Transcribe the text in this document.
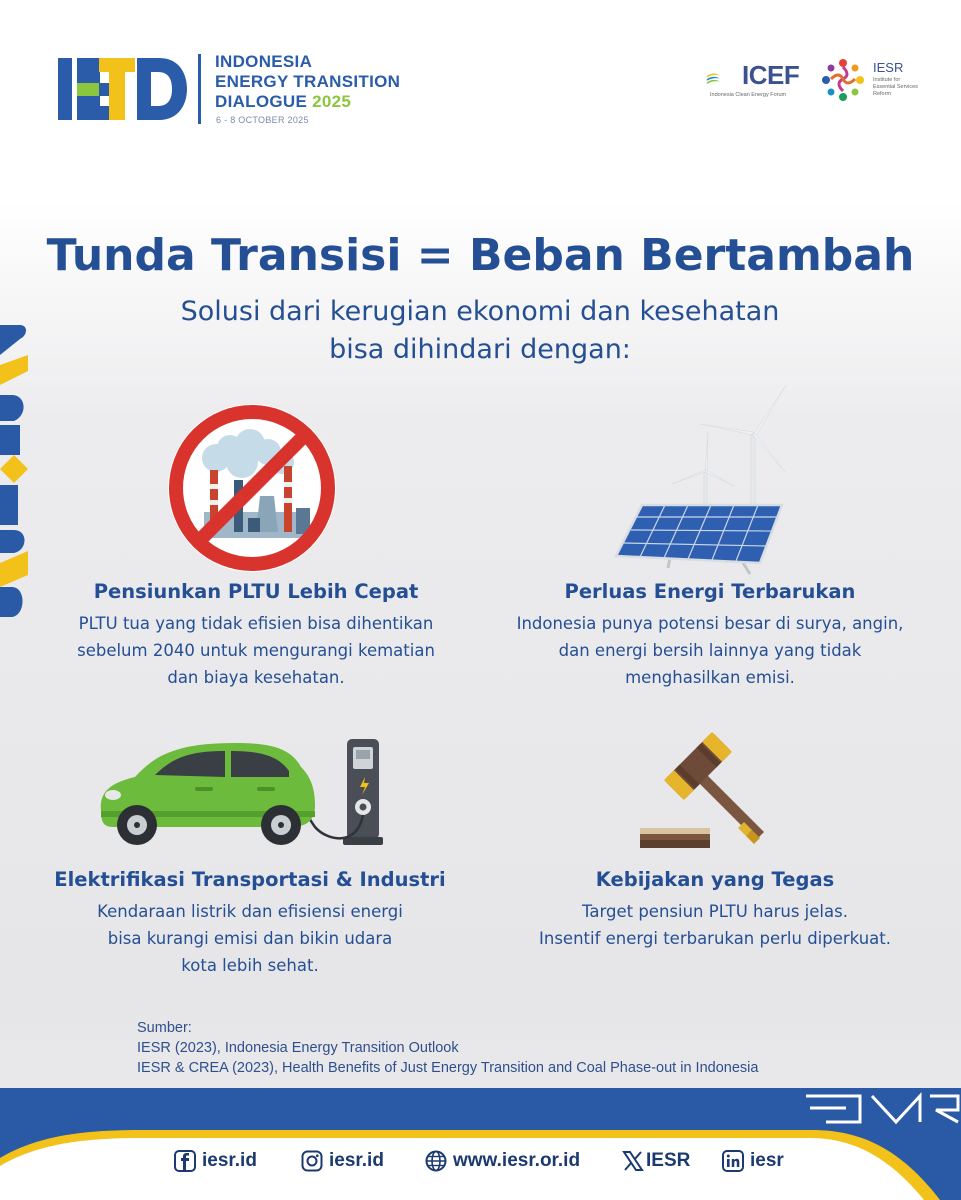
INDONESIA
ENERGY TRANSITION
DIALOGUE 2025
6 - 8 OCTOBER 2025
ICEF
Indonesia Clean Energy Forum
IESR
Institute for Essential Services Reform
Tunda Transisi = Beban Bertambah
Solusi dari kerugian ekonomi dan kesehatan
bisa dihindari dengan:
Pensiunkan PLTU Lebih Cepat
PLTU tua yang tidak efisien bisa dihentikan
sebelum 2040 untuk mengurangi kematian
dan biaya kesehatan.
Perluas Energi Terbarukan
Indonesia punya potensi besar di surya, angin,
dan energi bersih lainnya yang tidak
menghasilkan emisi.
Elektrifikasi Transportasi & Industri
Kendaraan listrik dan efisiensi energi
bisa kurangi emisi dan bikin udara
kota lebih sehat.
Kebijakan yang Tegas
Target pensiun PLTU harus jelas.
Insentif energi terbarukan perlu diperkuat.
Sumber:
IESR (2023), Indonesia Energy Transition Outlook
IESR & CREA (2023), Health Benefits of Just Energy Transition and Coal Phase-out in Indonesia
iesr.id	iesr.id	www.iesr.or.id	IESR	iesr
